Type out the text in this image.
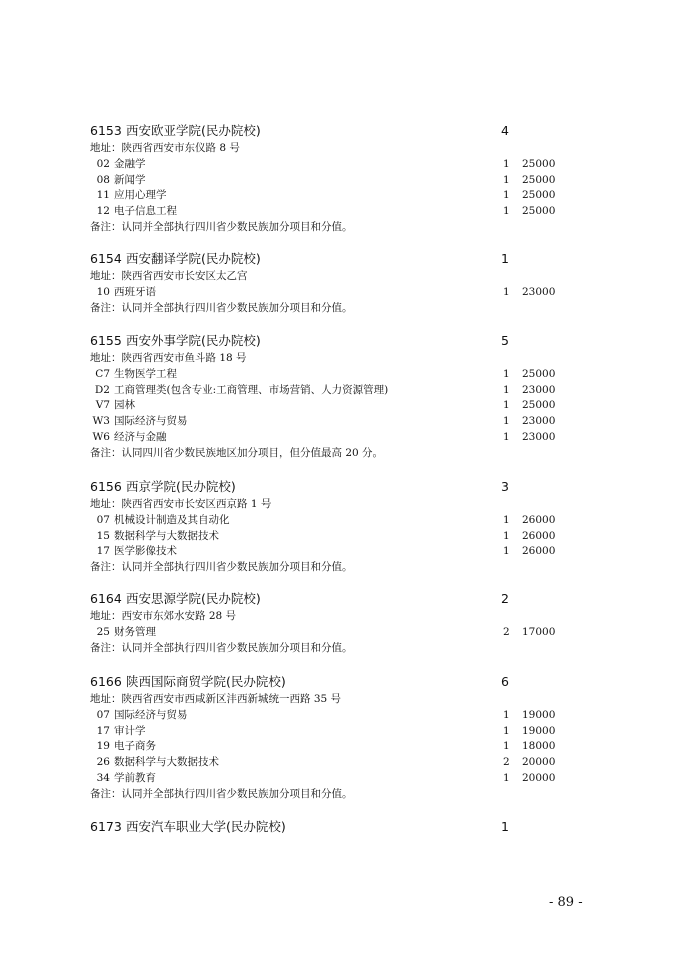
6153 西安欧亚学院(民办院校)	4
地址：陕西省西安市东仪路 8 号
02 金融学	1 25000
08 新闻学	1 25000
11 应用心理学	1 25000
12 电子信息工程	1 25000
备注：认同并全部执行四川省少数民族加分项目和分值。
6154 西安翻译学院(民办院校)	1
地址：陕西省西安市长安区太乙宫
10 西班牙语	1 23000
备注：认同并全部执行四川省少数民族加分项目和分值。
6155 西安外事学院(民办院校)	5
地址：陕西省西安市鱼斗路 18 号
C7 生物医学工程	1 25000
D2 工商管理类(包含专业:工商管理、市场营销、人力资源管理)	1 23000
V7 园林	1 25000
W3 国际经济与贸易	1 23000
W6 经济与金融	1 23000
备注：认同四川省少数民族地区加分项目，但分值最高 20 分。
6156 西京学院(民办院校)	3
地址：陕西省西安市长安区西京路 1 号
07 机械设计制造及其自动化	1 26000
15 数据科学与大数据技术	1 26000
17 医学影像技术	1 26000
备注：认同并全部执行四川省少数民族加分项目和分值。
6164 西安思源学院(民办院校)	2
地址：西安市东郊水安路 28 号
25 财务管理	2 17000
备注：认同并全部执行四川省少数民族加分项目和分值。
6166 陕西国际商贸学院(民办院校)	6
地址：陕西省西安市西咸新区沣西新城统一西路 35 号
07 国际经济与贸易	1 19000
17 审计学	1 19000
19 电子商务	1 18000
26 数据科学与大数据技术	2 20000
34 学前教育	1 20000
备注：认同并全部执行四川省少数民族加分项目和分值。
6173 西安汽车职业大学(民办院校)	1
- 89 -
